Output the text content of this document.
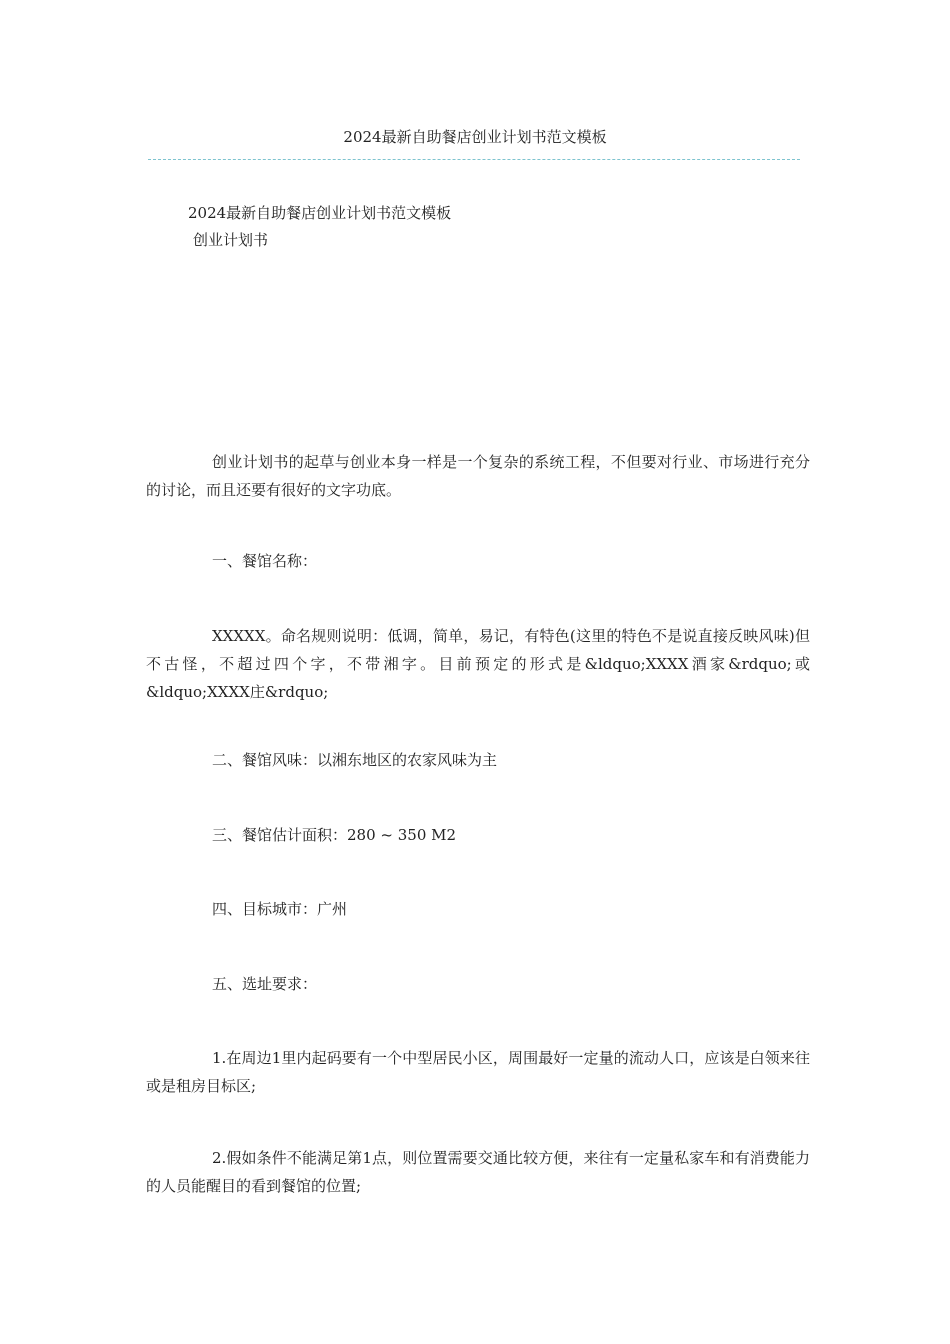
2024最新自助餐店创业计划书范文模板
2024最新自助餐店创业计划书范文模板
创业计划书

创业计划书的起草与创业本身一样是一个复杂的系统工程，不但要对行业、市场进行充分的讨论，而且还要有很好的文字功底。

一、餐馆名称：

XXXXX。命名规则说明：低调，简单，易记，有特色(这里的特色不是说直接反映风味)但不古怪，不超过四个字，不带湘字。目前预定的形式是&ldquo;XXXX酒家&rdquo;或&ldquo;XXXX庄&rdquo;

二、餐馆风味：以湘东地区的农家风味为主

三、餐馆估计面积：280 ~ 350 M2

四、目标城市：广州

五、选址要求：

1.在周边1里内起码要有一个中型居民小区，周围最好一定量的流动人口，应该是白领来往或是租房目标区;

2.假如条件不能满足第1点，则位置需要交通比较方便，来往有一定量私家车和有消费能力的人员能醒目的看到餐馆的位置;
